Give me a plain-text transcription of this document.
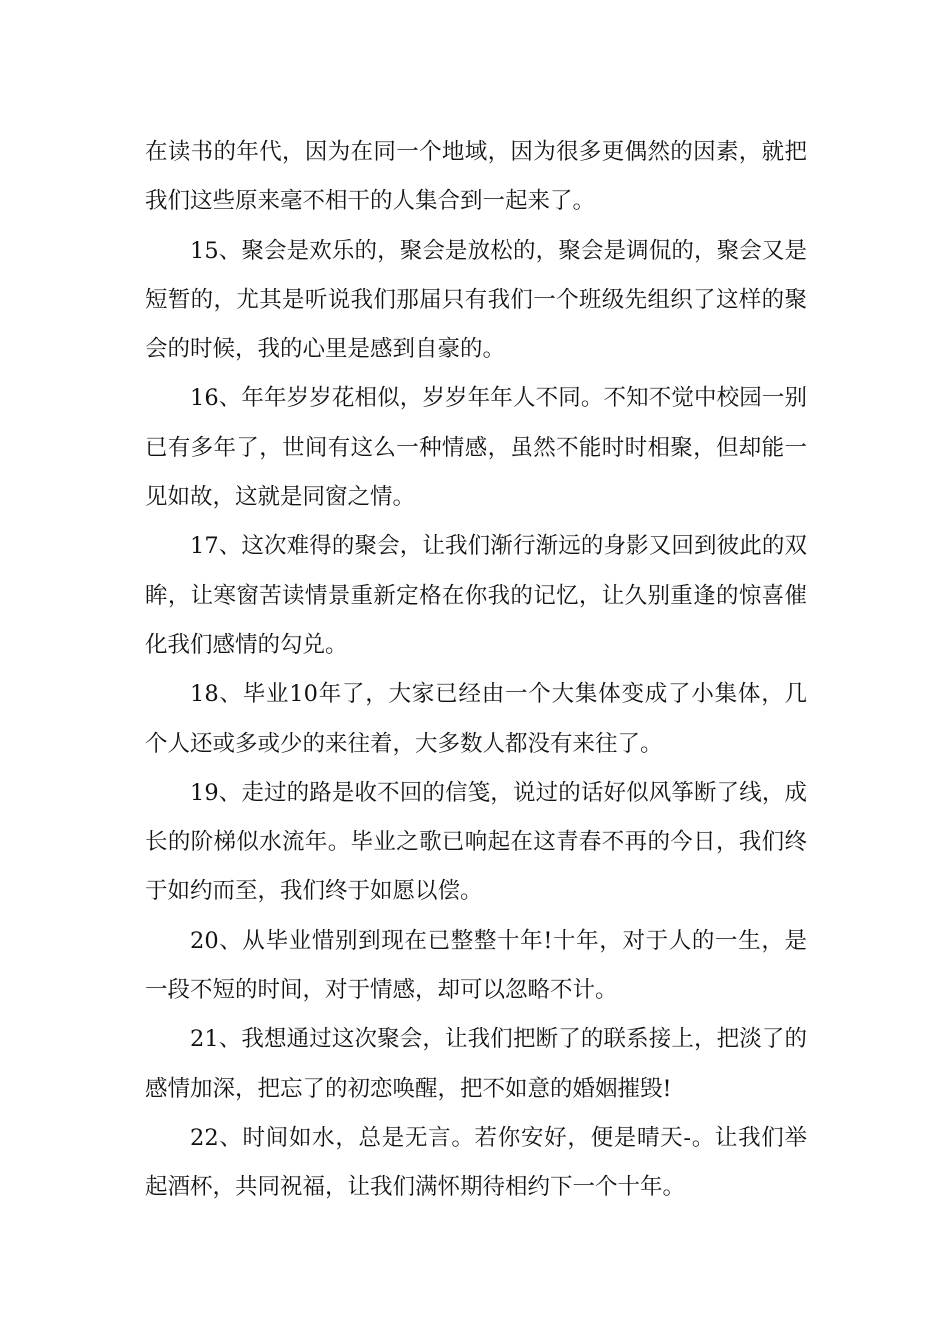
在读书的年代，因为在同一个地域，因为很多更偶然的因素，就把我们这些原来毫不相干的人集合到一起来了。

15、聚会是欢乐的，聚会是放松的，聚会是调侃的，聚会又是短暂的，尤其是听说我们那届只有我们一个班级先组织了这样的聚会的时候，我的心里是感到自豪的。

16、年年岁岁花相似，岁岁年年人不同。不知不觉中校园一别已有多年了，世间有这么一种情感，虽然不能时时相聚，但却能一见如故，这就是同窗之情。

17、这次难得的聚会，让我们渐行渐远的身影又回到彼此的双眸，让寒窗苦读情景重新定格在你我的记忆，让久别重逢的惊喜催化我们感情的勾兑。

18、毕业10年了，大家已经由一个大集体变成了小集体，几个人还或多或少的来往着，大多数人都没有来往了。

19、走过的路是收不回的信笺，说过的话好似风筝断了线，成长的阶梯似水流年。毕业之歌已响起在这青春不再的今日，我们终于如约而至，我们终于如愿以偿。

20、从毕业惜别到现在已整整十年!十年，对于人的一生，是一段不短的时间，对于情感，却可以忽略不计。

21、我想通过这次聚会，让我们把断了的联系接上，把淡了的感情加深，把忘了的初恋唤醒，把不如意的婚姻摧毁!

22、时间如水，总是无言。若你安好，便是晴天-。让我们举起酒杯，共同祝福，让我们满怀期待相约下一个十年。
